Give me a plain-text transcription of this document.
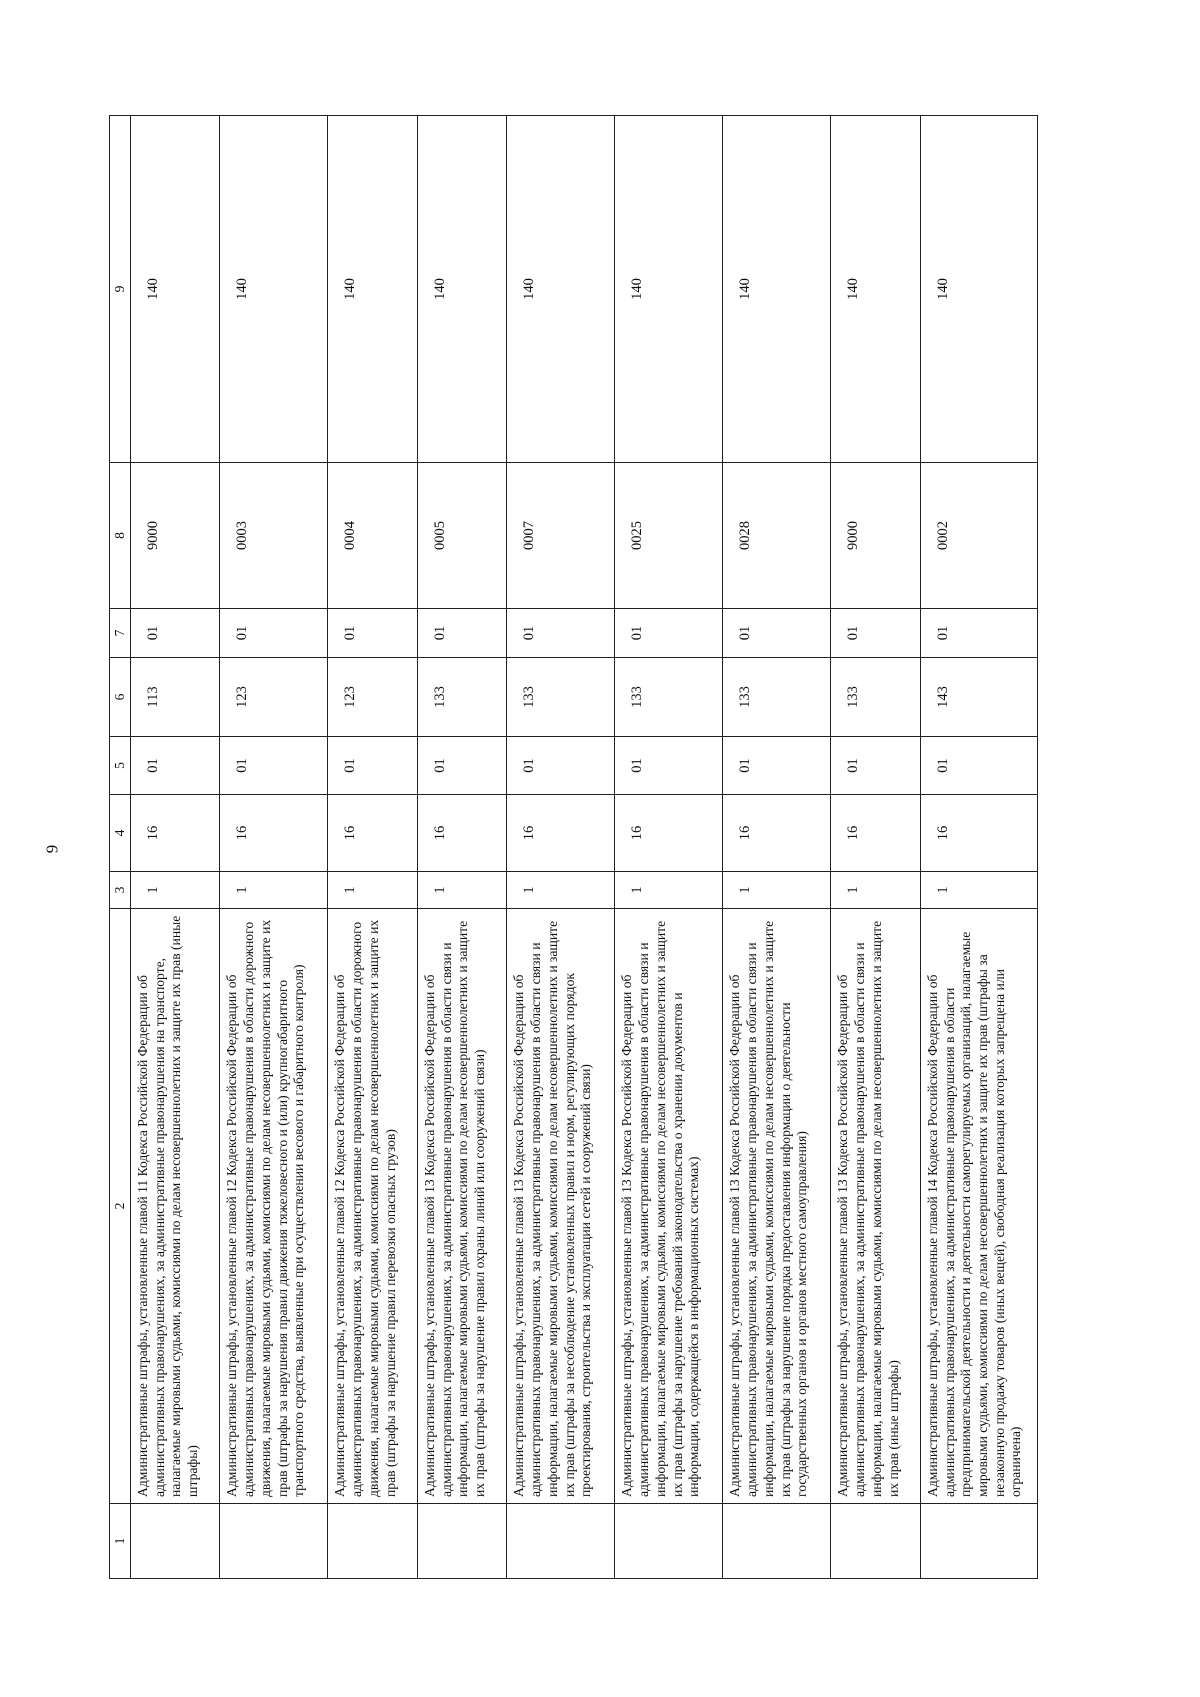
9
1	2	3	4	5	6	7	8	9
	Административные штрафы, установленные главой 11 Кодекса Российской Федерации об административных правонарушениях, за административные правонарушения на транспорте, налагаемые мировыми судьями, комиссиями по делам несовершеннолетних и защите их прав (иные штрафы)	1	16	01	113	01	9000	140
	Административные штрафы, установленные главой 12 Кодекса Российской Федерации об административных правонарушениях, за административные правонарушения в области дорожного движения, налагаемые мировыми судьями, комиссиями по делам несовершеннолетних и защите их прав (штрафы за нарушения правил движения тяжеловесного и (или) крупногабаритного транспортного средства, выявленные при осуществлении весового и габаритного контроля)	1	16	01	123	01	0003	140
	Административные штрафы, установленные главой 12 Кодекса Российской Федерации об административных правонарушениях, за административные правонарушения в области дорожного движения, налагаемые мировыми судьями, комиссиями по делам несовершеннолетних и защите их прав (штрафы за нарушение правил перевозки опасных грузов)	1	16	01	123	01	0004	140
	Административные штрафы, установленные главой 13 Кодекса Российской Федерации об административных правонарушениях, за административные правонарушения в области связи и информации, налагаемые мировыми судьями, комиссиями по делам несовершеннолетних и защите их прав (штрафы за нарушение правил охраны линий или сооружений связи)	1	16	01	133	01	0005	140
	Административные штрафы, установленные главой 13 Кодекса Российской Федерации об административных правонарушениях, за административные правонарушения в области связи и информации, налагаемые мировыми судьями, комиссиями по делам несовершеннолетних и защите их прав (штрафы за несоблюдение установленных правил и норм, регулирующих порядок проектирования, строительства и эксплуатации сетей и сооружений связи)	1	16	01	133	01	0007	140
	Административные штрафы, установленные главой 13 Кодекса Российской Федерации об административных правонарушениях, за административные правонарушения в области связи и информации, налагаемые мировыми судьями, комиссиями по делам несовершеннолетних и защите их прав (штрафы за нарушение требований законодательства о хранении документов и информации, содержащейся в информационных системах)	1	16	01	133	01	0025	140
	Административные штрафы, установленные главой 13 Кодекса Российской Федерации об административных правонарушениях, за административные правонарушения в области связи и информации, налагаемые мировыми судьями, комиссиями по делам несовершеннолетних и защите их прав (штрафы за нарушение порядка предоставления информации о деятельности государственных органов и органов местного самоуправления)	1	16	01	133	01	0028	140
	Административные штрафы, установленные главой 13 Кодекса Российской Федерации об административных правонарушениях, за административные правонарушения в области связи и информации, налагаемые мировыми судьями, комиссиями по делам несовершеннолетних и защите их прав (иные штрафы)	1	16	01	133	01	9000	140
	Административные штрафы, установленные главой 14 Кодекса Российской Федерации об административных правонарушениях, за административные правонарушения в области предпринимательской деятельности и деятельности саморегулируемых организаций, налагаемые мировыми судьями, комиссиями по делам несовершеннолетних и защите их прав (штрафы за незаконную продажу товаров (иных вещей), свободная реализация которых запрещена или ограничена)	1	16	01	143	01	0002	140
